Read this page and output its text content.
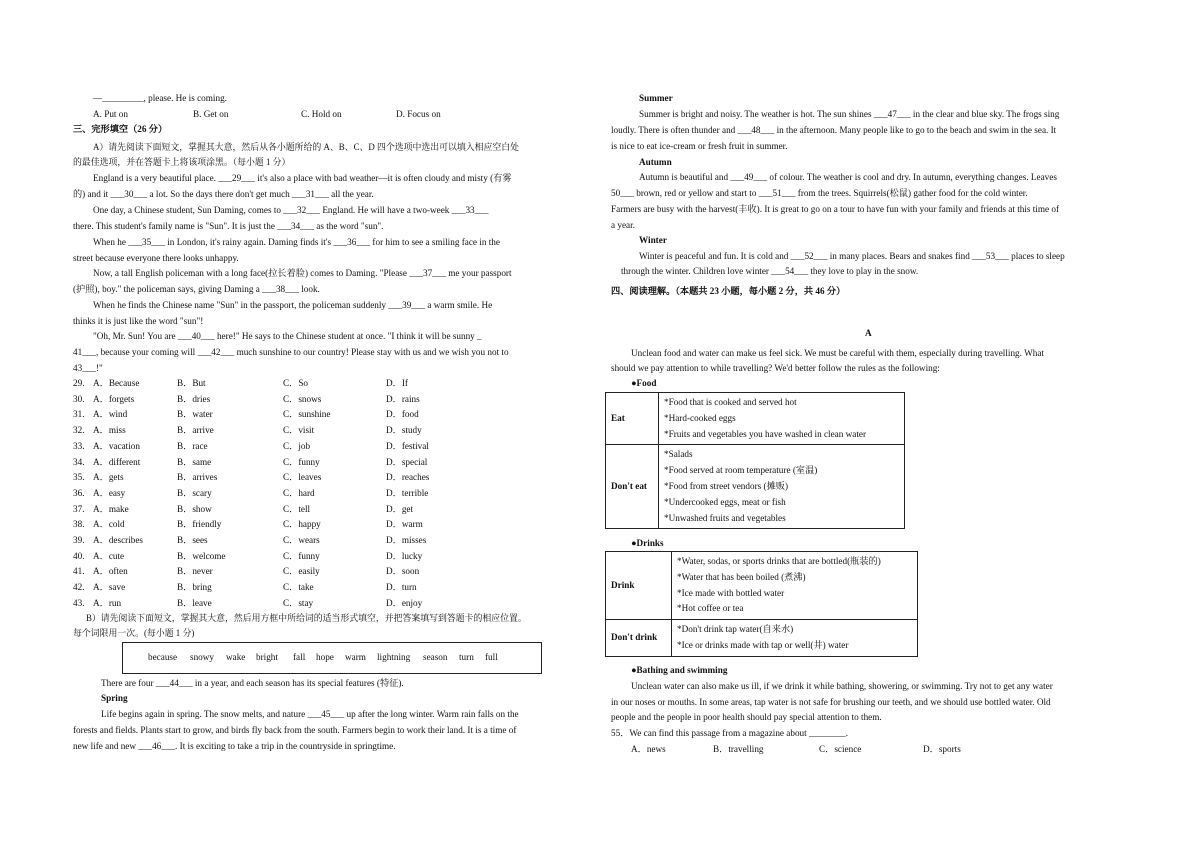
—_________, please. He is coming.
A. Put on	B. Get on	C. Hold on	D. Focus on
三、完形填空（26 分）
A）请先阅读下面短文，掌握其大意，然后从各小题所给的 A、B、C、D 四个选项中选出可以填入相应空白处
的最佳选项，并在答题卡上将该项涂黑。（每小题 1 分）
England is a very beautiful place. ___29___ it's also a place with bad weather—it is often cloudy and misty (有雾
的) and it ___30___ a lot. So the days there don't get much ___31___ all the year.
One day, a Chinese student, Sun Daming, comes to ___32___ England. He will have a two-week ___33___
there. This student's family name is "Sun". It is just the ___34___ as the word "sun".
When he ___35___ in London, it's rainy again. Daming finds it's ___36___ for him to see a smiling face in the
street because everyone there looks unhappy.
Now, a tall English policeman with a long face(拉长着脸) comes to Daming. "Please ___37___ me your passport
(护照), boy." the policeman says, giving Daming a ___38___ look.
When he finds the Chinese name "Sun" in the passport, the policeman suddenly ___39___ a warm smile. He
thinks it is just like the word "sun"!
"Oh, Mr. Sun! You are ___40___ here!" He says to the Chinese student at once. "I think it will be sunny _
41___, because your coming will ___42___ much sunshine to our country! Please stay with us and we wish you not to
43___!"
29. A．Because	B．But	C．So	D．If
30. A．forgets	B．dries	C．snows	D．rains
31. A．wind	B．water	C．sunshine	D．food
32. A．miss	B．arrive	C．visit	D．study
33. A．vacation	B．race	C．job	D．festival
34. A．different	B．same	C．funny	D．special
35. A．gets	B．arrives	C．leaves	D．reaches
36. A．easy	B．scary	C．hard	D．terrible
37. A．make	B．show	C．tell	D．get
38. A．cold	B．friendly	C．happy	D．warm
39. A．describes	B．sees	C．wears	D．misses
40. A．cute	B．welcome	C．funny	D．lucky
41. A．often	B．never	C．easily	D．soon
42. A．save	B．bring	C．take	D．turn
43. A．run	B．leave	C．stay	D．enjoy
B）请先阅读下面短文，掌握其大意，然后用方框中所给词的适当形式填空，并把答案填写到答题卡的相应位置。
每个词限用一次。(每小题 1 分)
because snowy wake bright fall hope warm lightning season turn full
There are four ___44___ in a year, and each season has its special features (特征).
Spring
Life begins again in spring. The snow melts, and nature ___45___ up after the long winter. Warm rain falls on the
forests and fields. Plants start to grow, and birds fly back from the south. Farmers begin to work their land. It is a time of
new life and new ___46___. It is exciting to take a trip in the countryside in springtime.
Summer
Summer is bright and noisy. The weather is hot. The sun shines ___47___ in the clear and blue sky. The frogs sing
loudly. There is often thunder and ___48___ in the afternoon. Many people like to go to the beach and swim in the sea. It
is nice to eat ice-cream or fresh fruit in summer.
Autumn
Autumn is beautiful and ___49___ of colour. The weather is cool and dry. In autumn, everything changes. Leaves
50___ brown, red or yellow and start to ___51___ from the trees. Squirrels(松鼠) gather food for the cold winter.
Farmers are busy with the harvest(丰收). It is great to go on a tour to have fun with your family and friends at this time of
a year.
Winter
Winter is peaceful and fun. It is cold and ___52___ in many places. Bears and snakes find ___53___ places to sleep
through the winter. Children love winter ___54___ they love to play in the snow.
四、阅读理解。（本题共 23 小题，每小题 2 分，共 46 分）
A
Unclean food and water can make us feel sick. We must be careful with them, especially during travelling. What
should we pay attention to while travelling? We'd better follow the rules as the following:
●Food
Eat	*Food that is cooked and served hot
*Hard-cooked eggs
*Fruits and vegetables you have washed in clean water

Don't eat	*Salads
*Food served at room temperature (室温)
*Food from street vendors (摊贩)
*Undercooked eggs, meat or fish
*Unwashed fruits and vegetables
●Drinks
Drink	*Water, sodas, or sports drinks that are bottled(瓶装的)
*Water that has been boiled (煮沸)
*Ice made with bottled water
*Hot coffee or tea

Don't drink	*Don't drink tap water(自来水)
*Ice or drinks made with tap or well(井) water
●Bathing and swimming
Unclean water can also make us ill, if we drink it while bathing, showering, or swimming. Try not to get any water
in our noses or mouths. In some areas, tap water is not safe for brushing our teeth, and we should use bottled water. Old
people and the people in poor health should pay special attention to them.
55．We can find this passage from a magazine about ________.
A．news	B．travelling	C．science	D．sports
